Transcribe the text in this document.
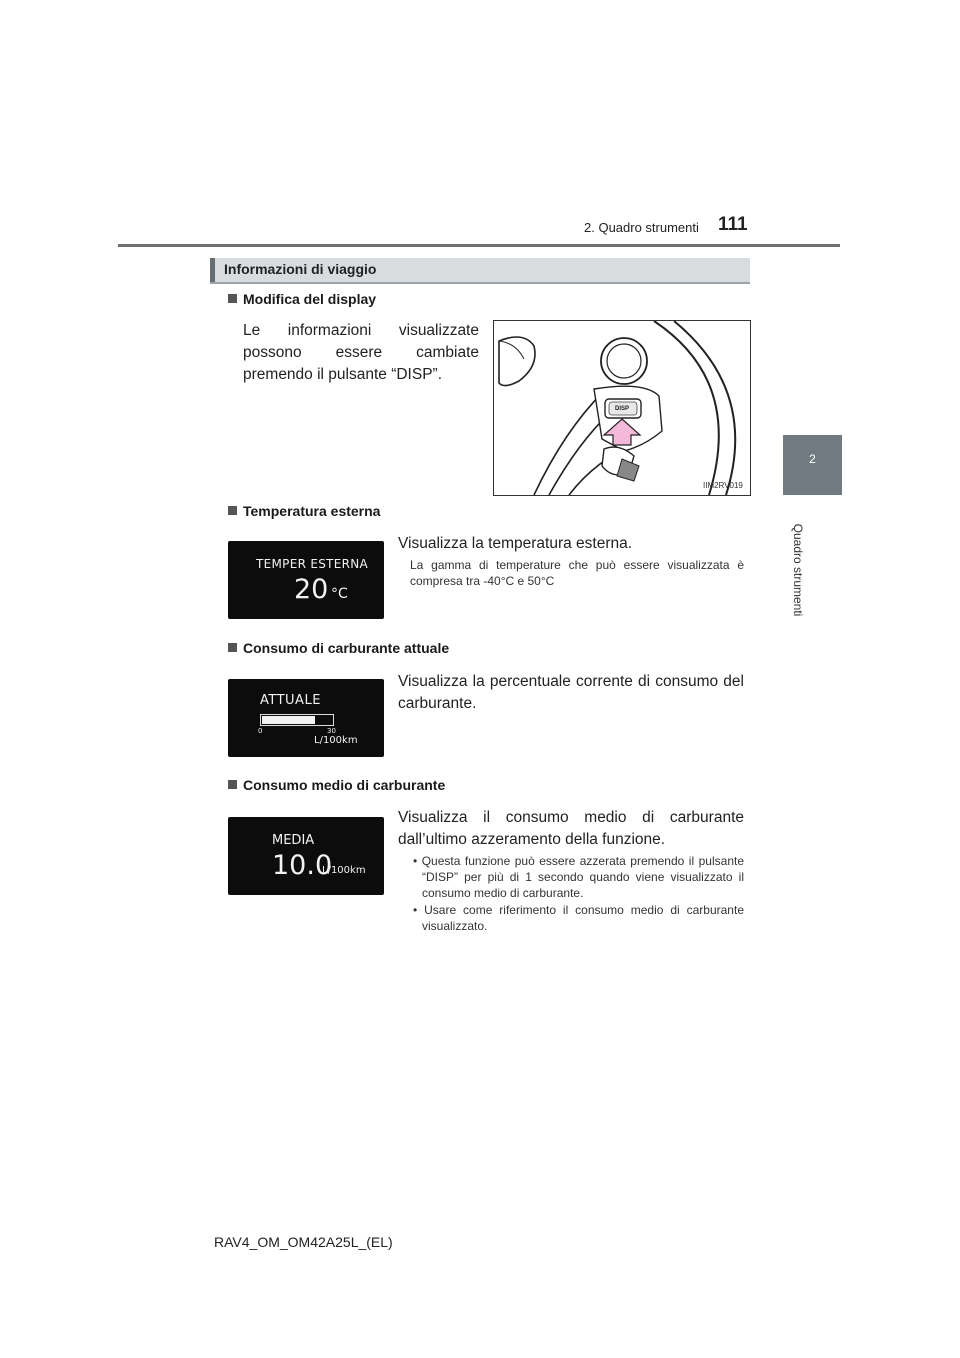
2. Quadro strumenti 111
2
Quadro strumenti
Informazioni di viaggio
Modifica del display
Le informazioni visualizzate possono essere cambiate premendo il pulsante “DISP”.
DISP
IIM2RV019
Temperatura esterna
TEMPER ESTERNA
20 °C
Visualizza la temperatura esterna.
La gamma di temperature che può essere visualizzata è compresa tra -40°C e 50°C
Consumo di carburante attuale
ATTUALE
0	30
L/100km
Visualizza la percentuale corrente di consumo del carburante.
Consumo medio di carburante
MEDIA
10.0
L/100km
Visualizza il consumo medio di carburante dall’ultimo azzeramento della funzione.
• Questa funzione può essere azzerata premendo il pulsante “DISP” per più di 1 secondo quando viene visualizzato il consumo medio di carburante.
• Usare come riferimento il consumo medio di carburante visualizzato.
RAV4_OM_OM42A25L_(EL)
